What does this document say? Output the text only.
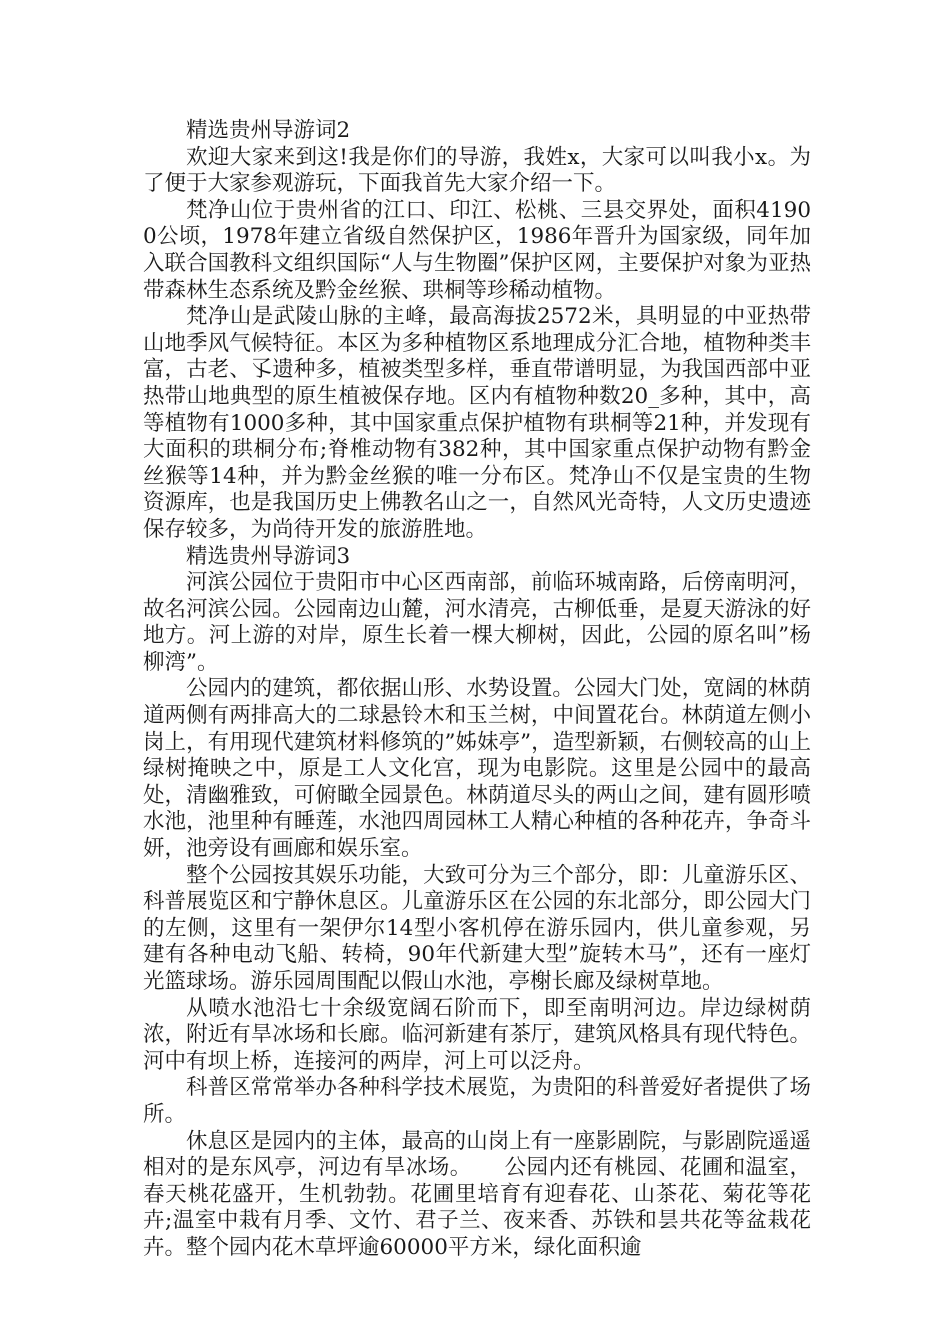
精选贵州导游词2

欢迎大家来到这!我是你们的导游，我姓x，大家可以叫我小x。为了便于大家参观游玩，下面我首先大家介绍一下。

梵净山位于贵州省的江口、印江、松桃、三县交界处，面积41900公顷，1978年建立省级自然保护区，1986年晋升为国家级，同年加入联合国教科文组织国际“人与生物圈”保护区网，主要保护对象为亚热带森林生态系统及黔金丝猴、珙桐等珍稀动植物。

梵净山是武陵山脉的主峰，最高海拔2572米，具明显的中亚热带山地季风气候特征。本区为多种植物区系地理成分汇合地，植物种类丰富，古老、孓遗种多，植被类型多样，垂直带谱明显，为我国西部中亚热带山地典型的原生植被保存地。区内有植物种数20_多种，其中，高等植物有1000多种，其中国家重点保护植物有珙桐等21种，并发现有大面积的珙桐分布;脊椎动物有382种，其中国家重点保护动物有黔金丝猴等14种，并为黔金丝猴的唯一分布区。梵净山不仅是宝贵的生物资源库，也是我国历史上佛教名山之一，自然风光奇特，人文历史遗迹保存较多，为尚待开发的旅游胜地。

精选贵州导游词3

河滨公园位于贵阳市中心区西南部，前临环城南路，后傍南明河，故名河滨公园。公园南边山麓，河水清亮，古柳低垂，是夏天游泳的好地方。河上游的对岸，原生长着一棵大柳树，因此，公园的原名叫”杨柳湾”。

公园内的建筑，都依据山形、水势设置。公园大门处，宽阔的林荫道两侧有两排高大的二球悬铃木和玉兰树，中间置花台。林荫道左侧小岗上，有用现代建筑材料修筑的”姊妹亭”，造型新颖，右侧较高的山上绿树掩映之中，原是工人文化宫，现为电影院。这里是公园中的最高处，清幽雅致，可俯瞰全园景色。林荫道尽头的两山之间，建有圆形喷水池，池里种有睡莲，水池四周园林工人精心种植的各种花卉，争奇斗妍，池旁设有画廊和娱乐室。

整个公园按其娱乐功能，大致可分为三个部分，即：儿童游乐区、科普展览区和宁静休息区。儿童游乐区在公园的东北部分，即公园大门的左侧，这里有一架伊尔14型小客机停在游乐园内，供儿童参观，另建有各种电动飞船、转椅，90年代新建大型”旋转木马”，还有一座灯光篮球场。游乐园周围配以假山水池，亭榭长廊及绿树草地。

从喷水池沿七十余级宽阔石阶而下，即至南明河边。岸边绿树荫浓，附近有旱冰场和长廊。临河新建有茶厅，建筑风格具有现代特色。河中有坝上桥，连接河的两岸，河上可以泛舟。

科普区常常举办各种科学技术展览，为贵阳的科普爱好者提供了场所。

休息区是园内的主体，最高的山岗上有一座影剧院，与影剧院遥遥相对的是东风亭，河边有旱冰场。　　公园内还有桃园、花圃和温室，春天桃花盛开，生机勃勃。花圃里培育有迎春花、山茶花、菊花等花卉;温室中栽有月季、文竹、君子兰、夜来香、苏铁和昙共花等盆栽花卉。整个园内花木草坪逾60000平方米，绿化面积逾
